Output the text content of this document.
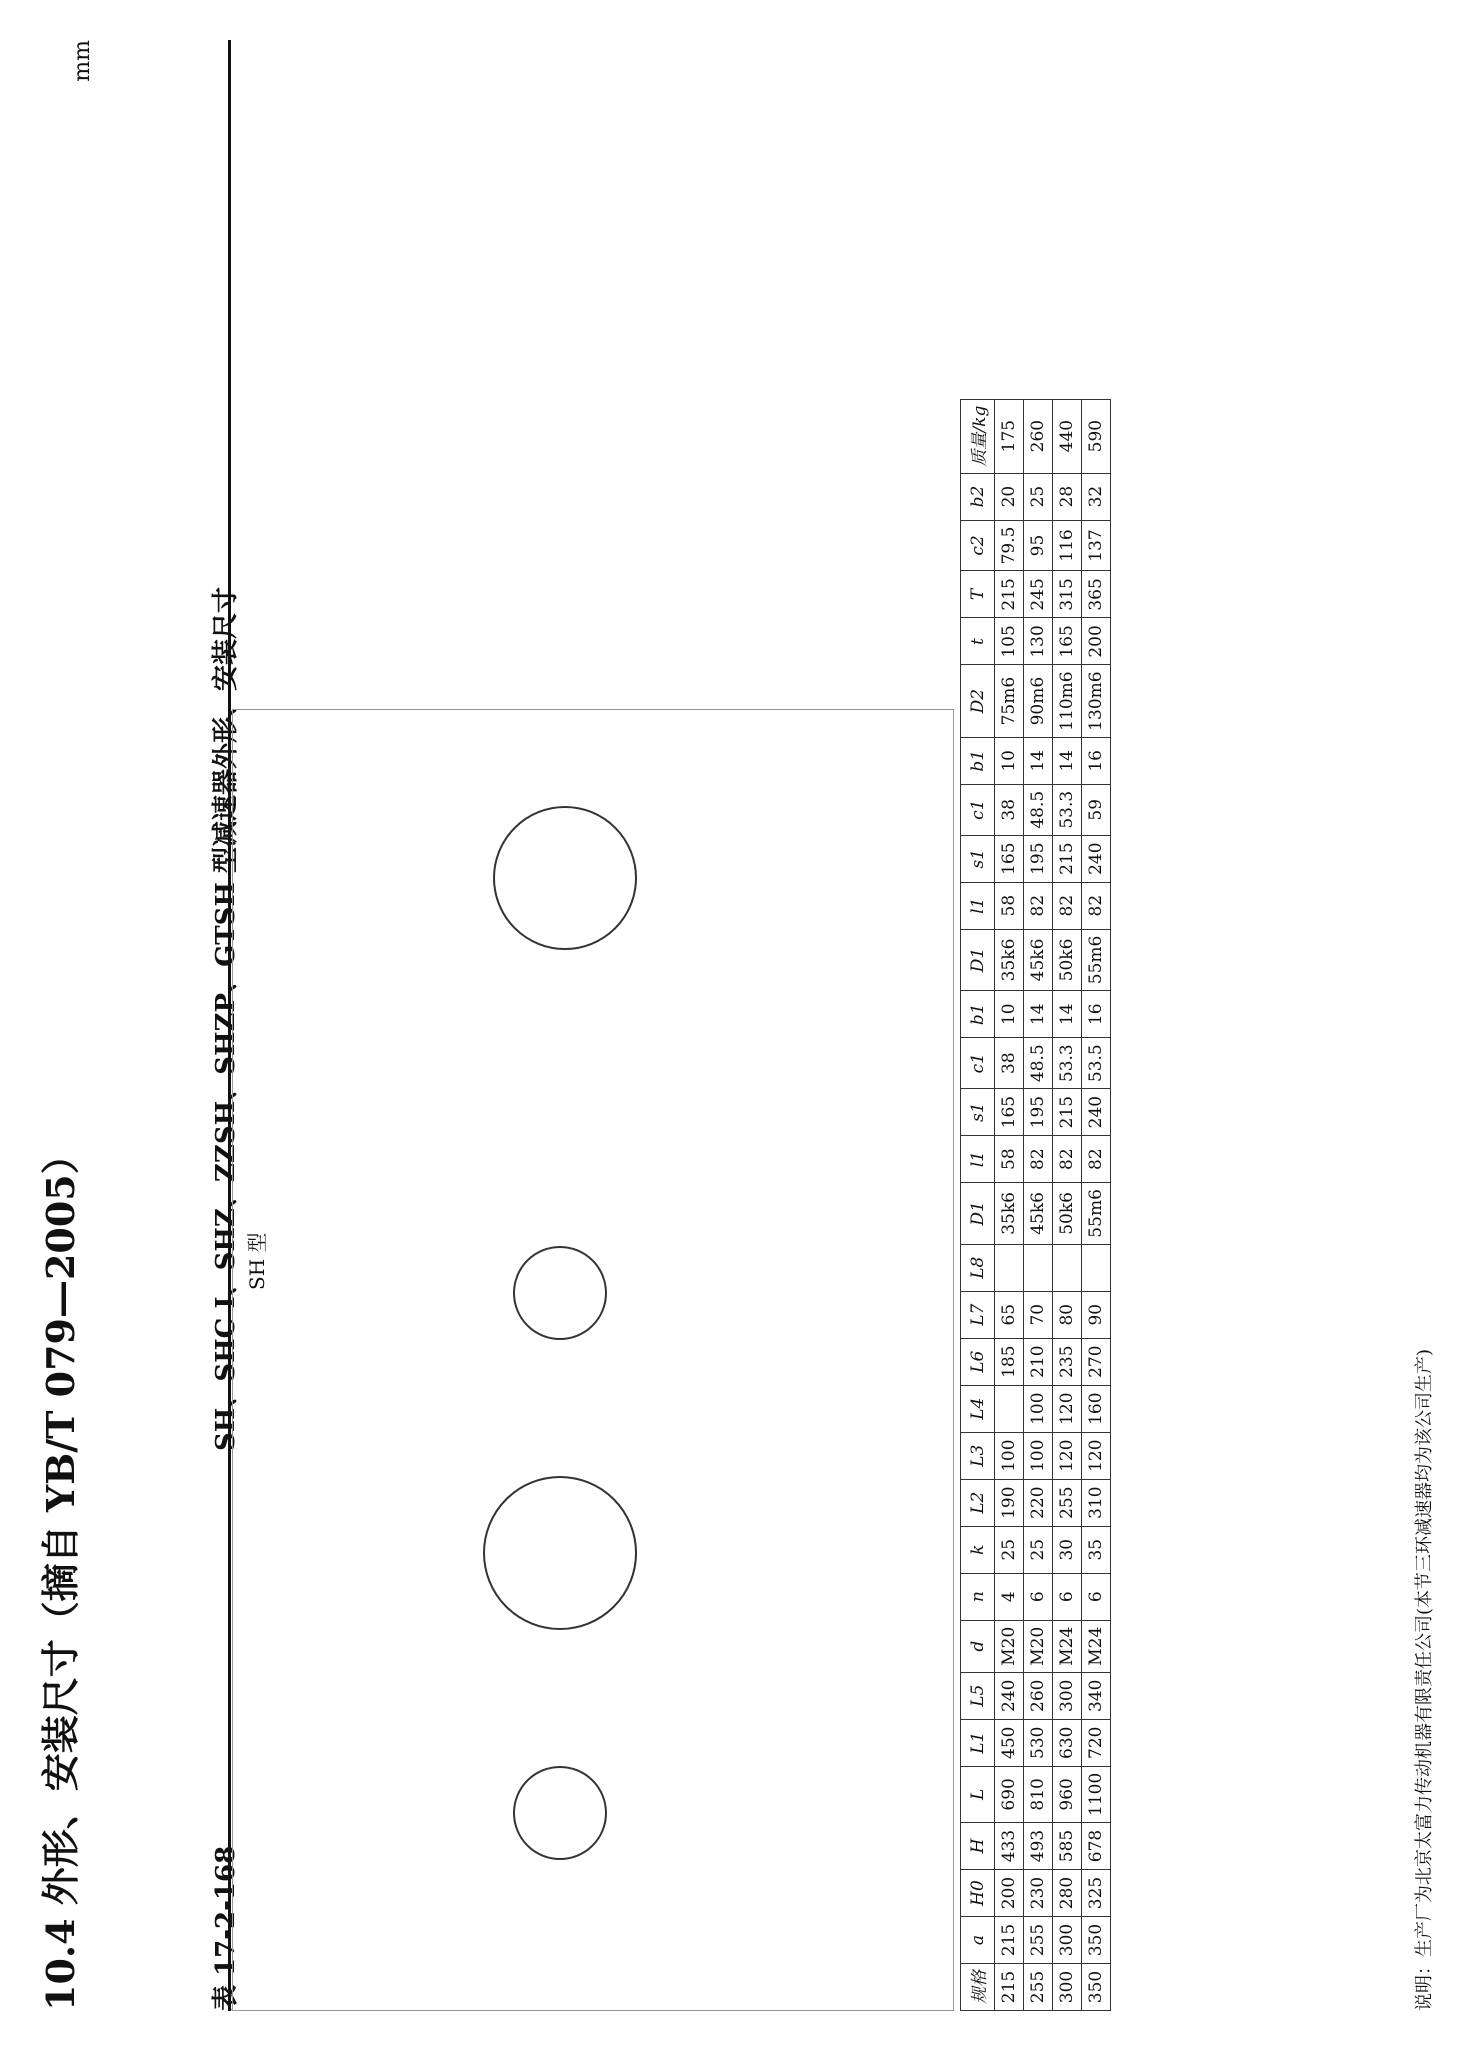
10.4 外形、安装尺寸（摘自 YB/T 079—2005）
mm
表 17-2-168
SH、SHC Ⅰ、SHZ、ZZSH、SHZP、GTSH 型减速器外形、安装尺寸 SH 型
规格	a	H0	H	L	L1	L5	d	n	k	L2	L3	L4	L6	L7	L8	D1	l1	s1	c1	b1	D1	l1	s1	c1	b1	D2	t	T	c2	b2	质量/kg
215	215	200	433	690	450	240	M20	4	25	190	100		185	65		35k6	58	165	38	10	35k6	58	165	38	10	75m6	105	215	79.5	20	175
255	255	230	493	810	530	260	M20	6	25	220	100	100	210	70		45k6	82	195	48.5	14	45k6	82	195	48.5	14	90m6	130	245	95	25	260
300	300	280	585	960	630	300	M24	6	30	255	120	120	235	80		50k6	82	215	53.3	14	50k6	82	215	53.3	14	110m6	165	315	116	28	440
350	350	325	678	1100	720	340	M24	6	35	310	120	160	270	90		55m6	82	240	53.5	16	55m6	82	240	59	16	130m6	200	365	137	32	590
说明：生产厂为北京太富力传动机器有限责任公司(本节三环减速器均为该公司生产)
